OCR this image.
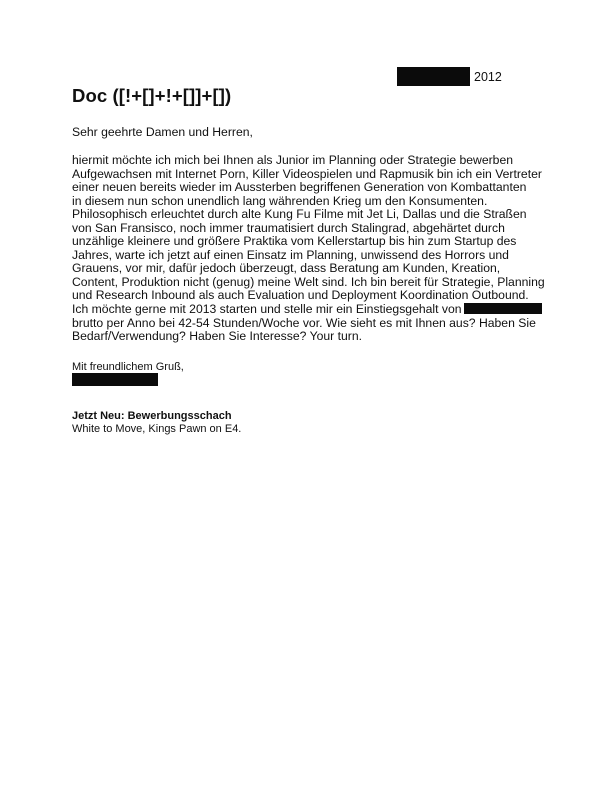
2012
Doc ([!+[]+!+[]]+[])
Sehr geehrte Damen und Herren,
hiermit möchte ich mich bei Ihnen als Junior im Planning oder Strategie bewerben
Aufgewachsen mit Internet Porn, Killer Videospielen und Rapmusik bin ich ein Vertreter
einer neuen bereits wieder im Aussterben begriffenen Generation von Kombattanten
in diesem nun schon unendlich lang währenden Krieg um den Konsumenten.
Philosophisch erleuchtet durch alte Kung Fu Filme mit Jet Li, Dallas und die Straßen
von San Fransisco, noch immer traumatisiert durch Stalingrad, abgehärtet durch
unzählige kleinere und größere Praktika vom Kellerstartup bis hin zum Startup des
Jahres, warte ich jetzt auf einen Einsatz im Planning, unwissend des Horrors und
Grauens, vor mir, dafür jedoch überzeugt, dass Beratung am Kunden, Kreation,
Content, Produktion nicht (genug) meine Welt sind. Ich bin bereit für Strategie, Planning
und Research Inbound als auch Evaluation und Deployment Koordination Outbound.
Ich möchte gerne mit 2013 starten und stelle mir ein Einstiegsgehalt von
brutto per Anno bei 42-54 Stunden/Woche vor. Wie sieht es mit Ihnen aus? Haben Sie
Bedarf/Verwendung? Haben Sie Interesse? Your turn.
Mit freundlichem Gruß,
Jetzt Neu: Bewerbungsschach
White to Move, Kings Pawn on E4.
